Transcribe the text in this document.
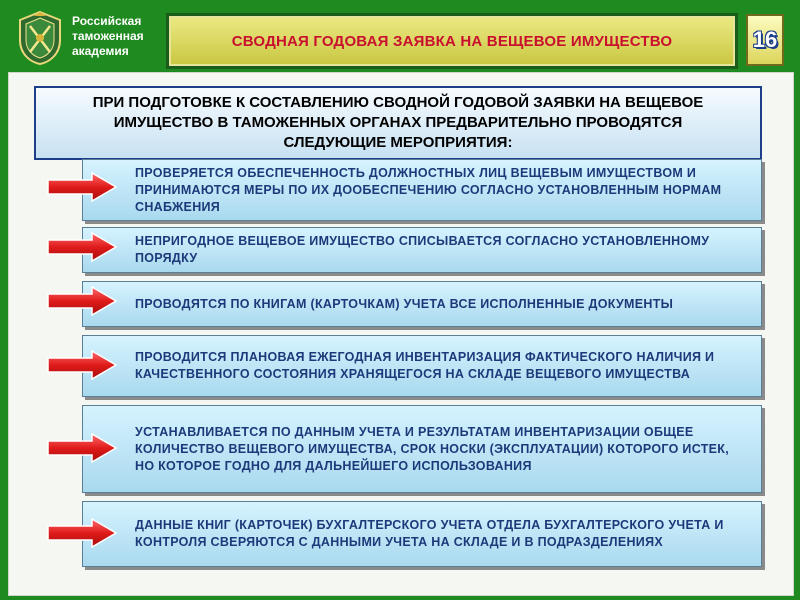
Российская
таможенная
академия
СВОДНАЯ ГОДОВАЯ ЗАЯВКА НА ВЕЩЕВОЕ ИМУЩЕСТВО	16
ПРИ ПОДГОТОВКЕ К СОСТАВЛЕНИЮ СВОДНОЙ ГОДОВОЙ ЗАЯВКИ НА ВЕЩЕВОЕ ИМУЩЕСТВО В ТАМОЖЕННЫХ ОРГАНАХ ПРЕДВАРИТЕЛЬНО ПРОВОДЯТСЯ СЛЕДУЮЩИЕ МЕРОПРИЯТИЯ:
ПРОВЕРЯЕТСЯ ОБЕСПЕЧЕННОСТЬ ДОЛЖНОСТНЫХ ЛИЦ ВЕЩЕВЫМ ИМУЩЕСТВОМ И ПРИНИМАЮТСЯ МЕРЫ ПО ИХ ДООБЕСПЕЧЕНИЮ СОГЛАСНО УСТАНОВЛЕННЫМ НОРМАМ СНАБЖЕНИЯ
НЕПРИГОДНОЕ ВЕЩЕВОЕ ИМУЩЕСТВО СПИСЫВАЕТСЯ СОГЛАСНО УСТАНОВЛЕННОМУ ПОРЯДКУ
ПРОВОДЯТСЯ ПО КНИГАМ (КАРТОЧКАМ) УЧЕТА ВСЕ ИСПОЛНЕННЫЕ ДОКУМЕНТЫ
ПРОВОДИТСЯ ПЛАНОВАЯ ЕЖЕГОДНАЯ ИНВЕНТАРИЗАЦИЯ ФАКТИЧЕСКОГО НАЛИЧИЯ И КАЧЕСТВЕННОГО СОСТОЯНИЯ ХРАНЯЩЕГОСЯ НА СКЛАДЕ ВЕЩЕВОГО ИМУЩЕСТВА
УСТАНАВЛИВАЕТСЯ ПО ДАННЫМ УЧЕТА И РЕЗУЛЬТАТАМ ИНВЕНТАРИЗАЦИИ ОБЩЕЕ КОЛИЧЕСТВО ВЕЩЕВОГО ИМУЩЕСТВА, СРОК НОСКИ (ЭКСПЛУАТАЦИИ) КОТОРОГО ИСТЕК, НО КОТОРОЕ ГОДНО ДЛЯ ДАЛЬНЕЙШЕГО ИСПОЛЬЗОВАНИЯ
ДАННЫЕ КНИГ (КАРТОЧЕК) БУХГАЛТЕРСКОГО УЧЕТА ОТДЕЛА БУХГАЛТЕРСКОГО УЧЕТА И КОНТРОЛЯ СВЕРЯЮТСЯ С ДАННЫМИ УЧЕТА НА СКЛАДЕ И В ПОДРАЗДЕЛЕНИЯХ
